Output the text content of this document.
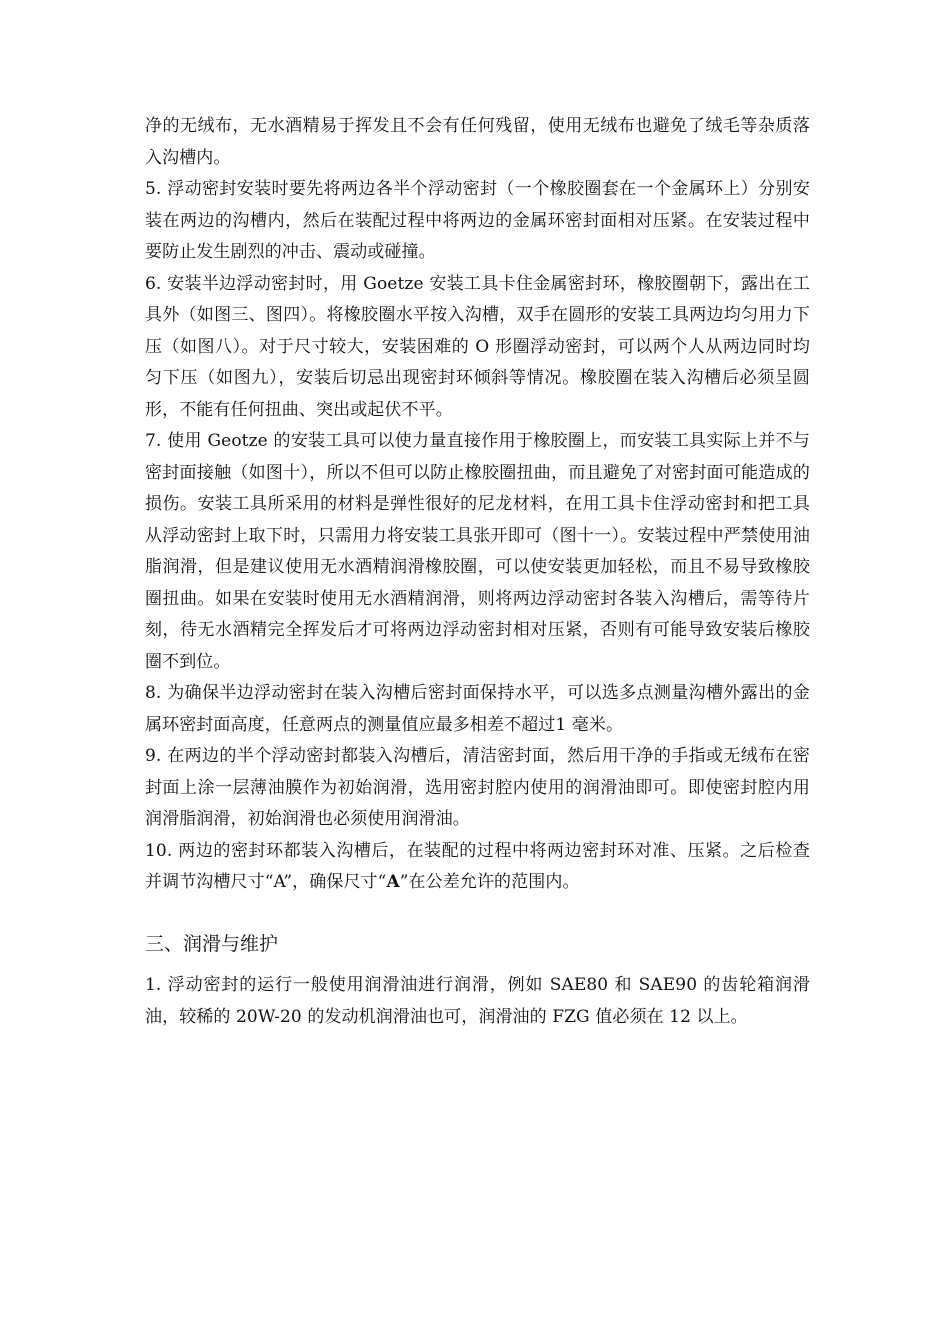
净的无绒布，无水酒精易于挥发且不会有任何残留，使用无绒布也避免了绒毛等杂质落入沟槽内。

5. 浮动密封安装时要先将两边各半个浮动密封（一个橡胶圈套在一个金属环上）分别安装在两边的沟槽内，然后在装配过程中将两边的金属环密封面相对压紧。在安装过程中要防止发生剧烈的冲击、震动或碰撞。

6. 安装半边浮动密封时，用 Goetze 安装工具卡住金属密封环，橡胶圈朝下，露出在工具外（如图三、图四）。将橡胶圈水平按入沟槽，双手在圆形的安装工具两边均匀用力下压（如图八）。对于尺寸较大，安装困难的 O 形圈浮动密封，可以两个人从两边同时均匀下压（如图九），安装后切忌出现密封环倾斜等情况。橡胶圈在装入沟槽后必须呈圆形，不能有任何扭曲、突出或起伏不平。

7. 使用 Geotze 的安装工具可以使力量直接作用于橡胶圈上，而安装工具实际上并不与密封面接触（如图十），所以不但可以防止橡胶圈扭曲，而且避免了对密封面可能造成的损伤。安装工具所采用的材料是弹性很好的尼龙材料，在用工具卡住浮动密封和把工具从浮动密封上取下时，只需用力将安装工具张开即可（图十一）。安装过程中严禁使用油脂润滑，但是建议使用无水酒精润滑橡胶圈，可以使安装更加轻松，而且不易导致橡胶圈扭曲。如果在安装时使用无水酒精润滑，则将两边浮动密封各装入沟槽后，需等待片刻，待无水酒精完全挥发后才可将两边浮动密封相对压紧，否则有可能导致安装后橡胶圈不到位。

8. 为确保半边浮动密封在装入沟槽后密封面保持水平，可以选多点测量沟槽外露出的金属环密封面高度，任意两点的测量值应最多相差不超过1 毫米。

9. 在两边的半个浮动密封都装入沟槽后，清洁密封面，然后用干净的手指或无绒布在密封面上涂一层薄油膜作为初始润滑，选用密封腔内使用的润滑油即可。即使密封腔内用润滑脂润滑，初始润滑也必须使用润滑油。

10. 两边的密封环都装入沟槽后，在装配的过程中将两边密封环对准、压紧。之后检查并调节沟槽尺寸“A”，确保尺寸“A”在公差允许的范围内。

三、润滑与维护

1. 浮动密封的运行一般使用润滑油进行润滑，例如 SAE80 和 SAE90 的齿轮箱润滑油，较稀的 20W-20 的发动机润滑油也可，润滑油的 FZG 值必须在 12 以上。
